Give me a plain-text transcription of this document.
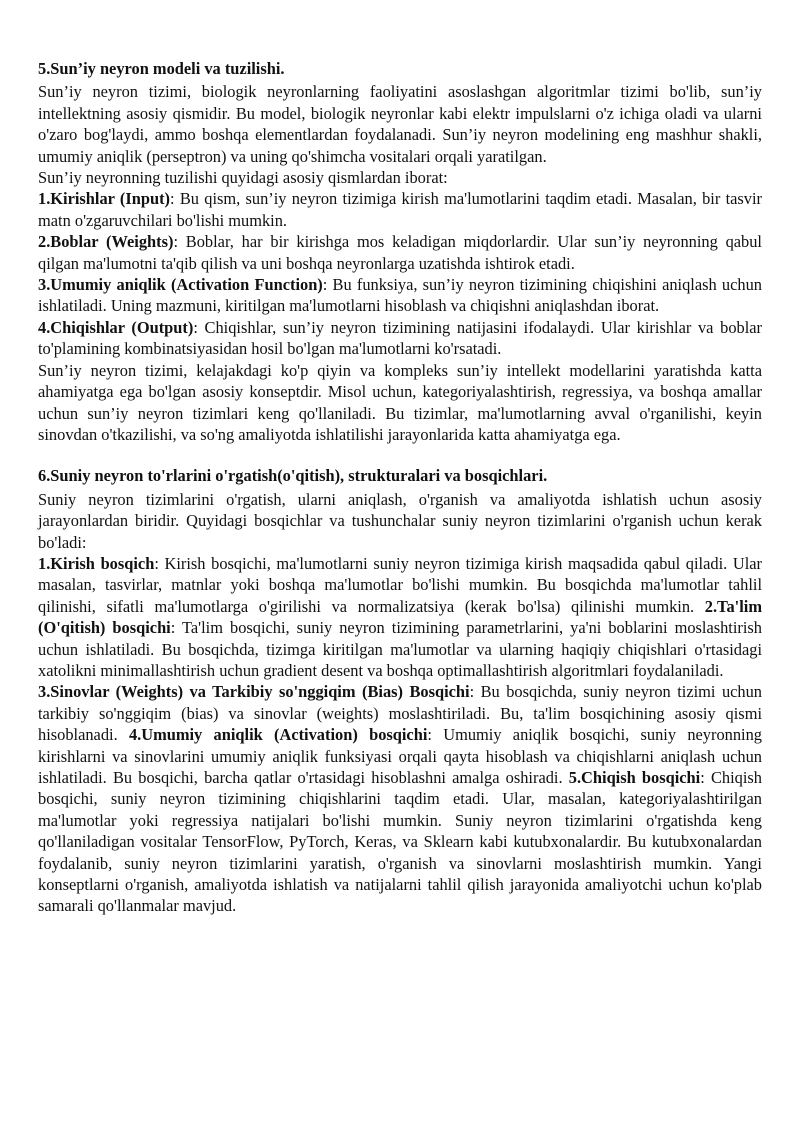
5.Sun’iy neyron modeli va tuzilishi.

Sun’iy neyron tizimi, biologik neyronlarning faoliyatini asoslashgan algoritmlar tizimi bo'lib, sun’iy intellektning asosiy qismidir. Bu model, biologik neyronlar kabi elektr impulslarni o'z ichiga oladi va ularni o'zaro bog'laydi, ammo boshqa elementlardan foydalanadi. Sun’iy neyron modelining eng mashhur shakli, umumiy aniqlik (perseptron) va uning qo'shimcha vositalari orqali yaratilgan.

Sun’iy neyronning tuzilishi quyidagi asosiy qismlardan iborat:

1.Kirishlar (Input): Bu qism, sun’iy neyron tizimiga kirish ma'lumotlarini taqdim etadi. Masalan, bir tasvir matn o'zgaruvchilari bo'lishi mumkin.

2.Boblar (Weights): Boblar, har bir kirishga mos keladigan miqdorlardir. Ular sun’iy neyronning qabul qilgan ma'lumotni ta'qib qilish va uni boshqa neyronlarga uzatishda ishtirok etadi.

3.Umumiy aniqlik (Activation Function): Bu funksiya, sun’iy neyron tizimining chiqishini aniqlash uchun ishlatiladi. Uning mazmuni, kiritilgan ma'lumotlarni hisoblash va chiqishni aniqlashdan iborat.

4.Chiqishlar (Output): Chiqishlar, sun’iy neyron tizimining natijasini ifodalaydi. Ular kirishlar va boblar to'plamining kombinatsiyasidan hosil bo'lgan ma'lumotlarni ko'rsatadi.

Sun’iy neyron tizimi, kelajakdagi ko'p qiyin va kompleks sun’iy intellekt modellarini yaratishda katta ahamiyatga ega bo'lgan asosiy konseptdir. Misol uchun, kategoriyalashtirish, regressiya, va boshqa amallar uchun sun’iy neyron tizimlari keng qo'llaniladi. Bu tizimlar, ma'lumotlarning avval o'rganilishi, keyin sinovdan o'tkazilishi, va so'ng amaliyotda ishlatilishi jarayonlarida katta ahamiyatga ega.

6.Suniy neyron to'rlarini o'rgatish(o'qitish), strukturalari va bosqichlari.

Suniy neyron tizimlarini o'rgatish, ularni aniqlash, o'rganish va amaliyotda ishlatish uchun asosiy jarayonlardan biridir. Quyidagi bosqichlar va tushunchalar suniy neyron tizimlarini o'rganish uchun kerak bo'ladi:

1.Kirish bosqich: Kirish bosqichi, ma'lumotlarni suniy neyron tizimiga kirish maqsadida qabul qiladi. Ular masalan, tasvirlar, matnlar yoki boshqa ma'lumotlar bo'lishi mumkin. Bu bosqichda ma'lumotlar tahlil qilinishi, sifatli ma'lumotlarga o'girilishi va normalizatsiya (kerak bo'lsa) qilinishi mumkin. 2.Ta'lim (O'qitish) bosqichi: Ta'lim bosqichi, suniy neyron tizimining parametrlarini, ya'ni boblarini moslashtirish uchun ishlatiladi. Bu bosqichda, tizimga kiritilgan ma'lumotlar va ularning haqiqiy chiqishlari o'rtasidagi xatolikni minimallashtirish uchun gradient desent va boshqa optimallashtirish algoritmlari foydalaniladi.

3.Sinovlar (Weights) va Tarkibiy so'nggiqim (Bias) Bosqichi: Bu bosqichda, suniy neyron tizimi uchun tarkibiy so'nggiqim (bias) va sinovlar (weights) moslashtiriladi. Bu, ta'lim bosqichining asosiy qismi hisoblanadi. 4.Umumiy aniqlik (Activation) bosqichi: Umumiy aniqlik bosqichi, suniy neyronning kirishlarni va sinovlarini umumiy aniqlik funksiyasi orqali qayta hisoblash va chiqishlarni aniqlash uchun ishlatiladi. Bu bosqichi, barcha qatlar o'rtasidagi hisoblashni amalga oshiradi. 5.Chiqish bosqichi: Chiqish bosqichi, suniy neyron tizimining chiqishlarini taqdim etadi. Ular, masalan, kategoriyalashtirilgan ma'lumotlar yoki regressiya natijalari bo'lishi mumkin. Suniy neyron tizimlarini o'rgatishda keng qo'llaniladigan vositalar TensorFlow, PyTorch, Keras, va Sklearn kabi kutubxonalardir. Bu kutubxonalardan foydalanib, suniy neyron tizimlarini yaratish, o'rganish va sinovlarni moslashtirish mumkin. Yangi konseptlarni o'rganish, amaliyotda ishlatish va natijalarni tahlil qilish jarayonida amaliyotchi uchun ko'plab samarali qo'llanmalar mavjud.
